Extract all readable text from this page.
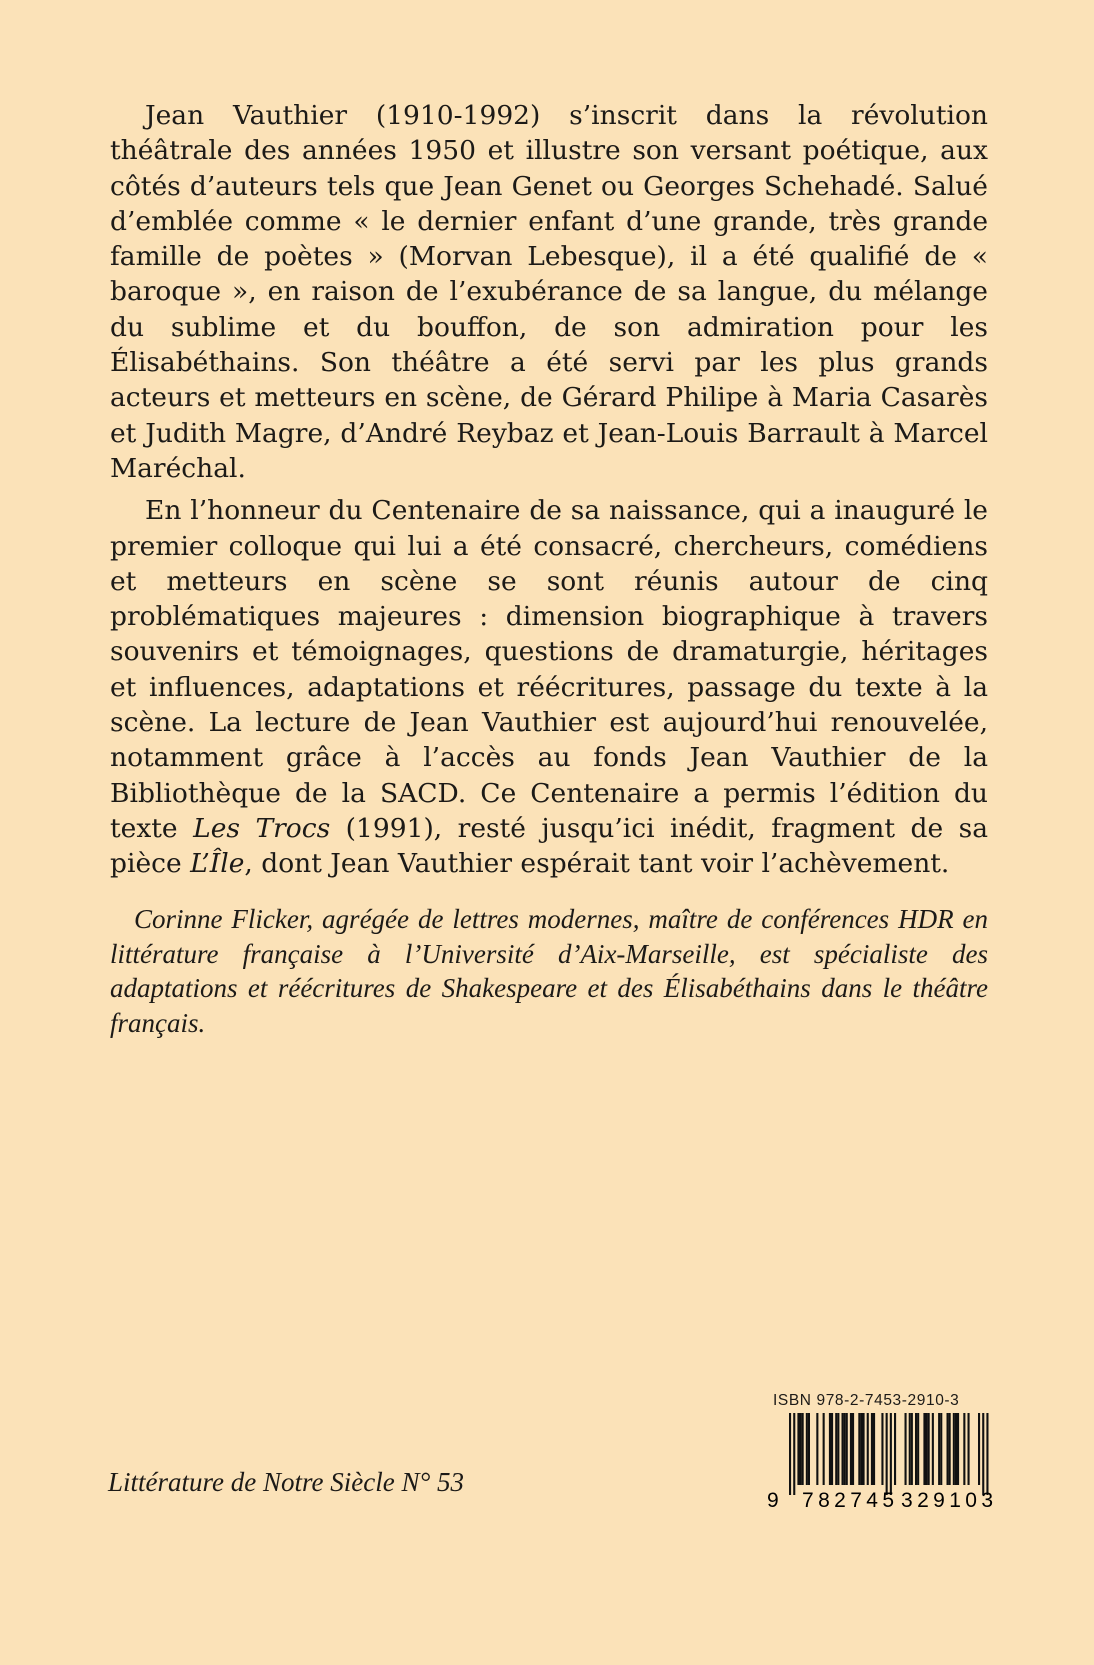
Jean Vauthier (1910-1992) s’inscrit dans la révolution théâtrale des années 1950 et illustre son versant poétique, aux côtés d’auteurs tels que Jean Genet ou Georges Schehadé. Salué d’emblée comme « le dernier enfant d’une grande, très grande famille de poètes » (Morvan Lebesque), il a été qualifié de « baroque », en raison de l’exubérance de sa langue, du mélange du sublime et du bouffon, de son admiration pour les Élisabéthains. Son théâtre a été servi par les plus grands acteurs et metteurs en scène, de Gérard Philipe à Maria Casarès et Judith Magre, d’André Reybaz et Jean-Louis Barrault à Marcel Maréchal.

En l’honneur du Centenaire de sa naissance, qui a inauguré le premier colloque qui lui a été consacré, chercheurs, comédiens et metteurs en scène se sont réunis autour de cinq problématiques majeures : dimension biographique à travers souvenirs et témoignages, questions de dramaturgie, héritages et influences, adaptations et réécritures, passage du texte à la scène. La lecture de Jean Vauthier est aujourd’hui renouvelée, notamment grâce à l’accès au fonds Jean Vauthier de la Bibliothèque de la SACD. Ce Centenaire a permis l’édition du texte Les Trocs (1991), resté jusqu’ici inédit, fragment de sa pièce L’Île, dont Jean Vauthier espérait tant voir l’achèvement.

Corinne Flicker, agrégée de lettres modernes, maître de conférences HDR en littérature française à l’Université d’Aix-Marseille, est spécialiste des adaptations et réécritures de Shakespeare et des Élisabéthains dans le théâtre français.

Littérature de Notre Siècle N° 53

ISBN 978-2-7453-2910-3
9 782745 329103
